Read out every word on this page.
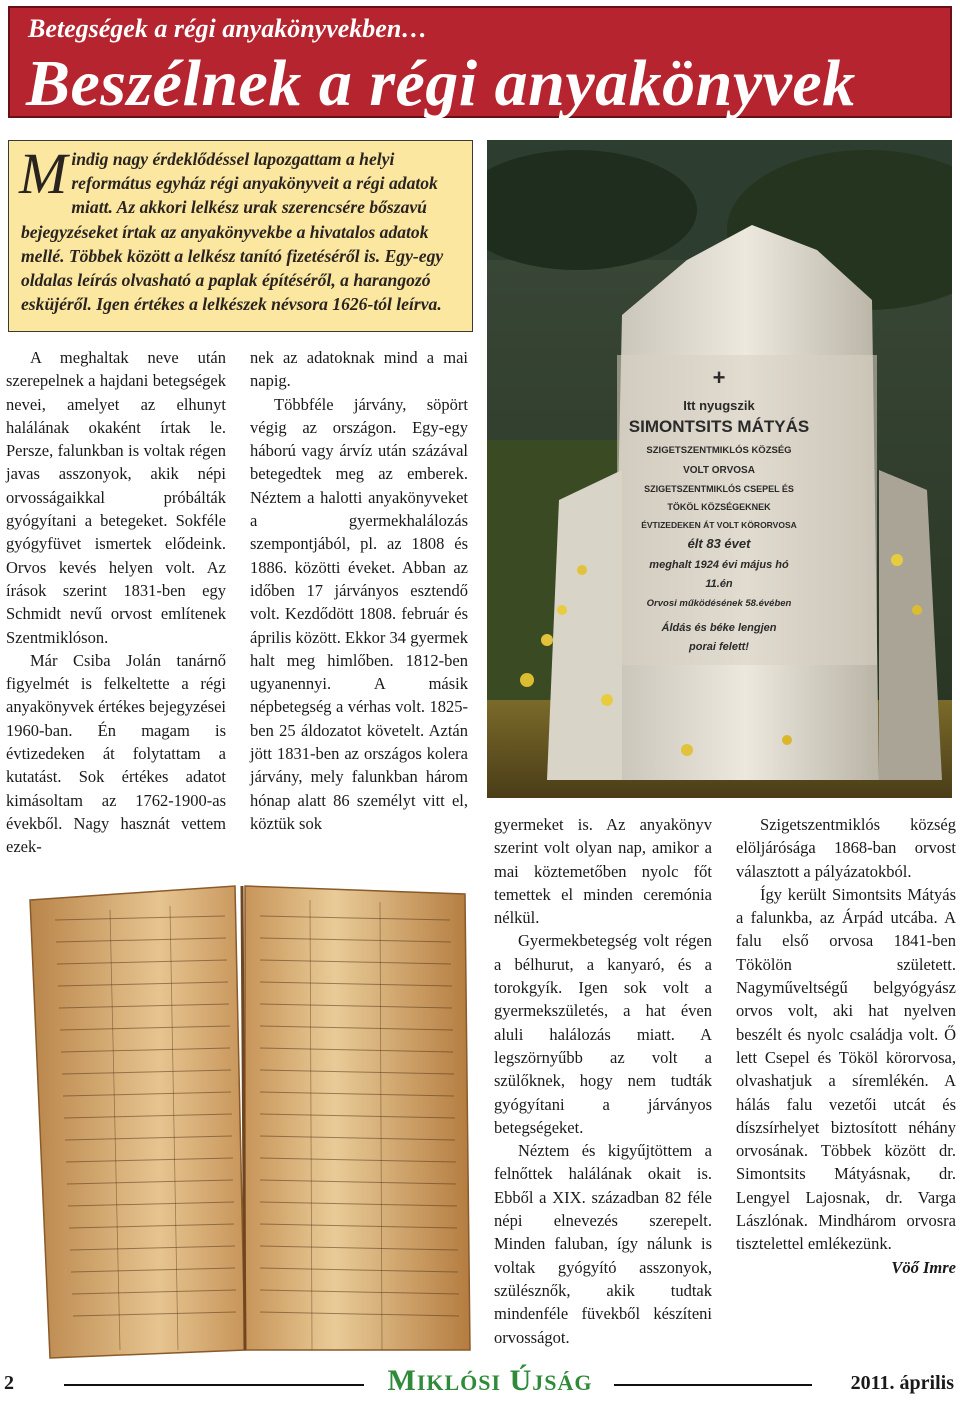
Betegségek a régi anyakönyvekben…
Beszélnek a régi anyakönyvek
Mindig nagy érdeklődéssel lapozgattam a helyi református egyház régi anyakönyveit a régi adatok miatt. Az akkori lelkész urak szerencsére bőszavú bejegyzéseket írtak az anyakönyvekbe a hivatalos adatok mellé. Többek között a lelkész tanító fizetéséről is. Egy-egy oldalas leírás olvasható a paplak építéséről, a harangozó esküjéről. Igen értékes a lelkészek névsora 1626-tól leírva.

A meghaltak neve után szerepelnek a hajdani betegségek nevei, amelyet az elhunyt halálának okaként írtak le. Persze, falunkban is voltak régen javas asszonyok, akik népi orvosságaikkal próbálták gyógyítani a betegeket. Sokféle gyógyfüvet ismertek elődeink. Orvos kevés helyen volt. Az írások szerint 1831-ben egy Schmidt nevű orvost említenek Szentmiklóson.

Már Csiba Jolán tanárnő figyelmét is felkeltette a régi anyakönyvek értékes bejegyzései 1960-ban. Én magam is évtizedeken át folytattam a kutatást. Sok értékes adatot kimásoltam az 1762-1900-as évekből. Nagy hasznát vettem ezek-

nek az adatoknak mind a mai napig.

Többféle járvány, söpört végig az országon. Egy-egy háború vagy árvíz után százával betegedtek meg az emberek. Néztem a halotti anyakönyveket a gyermekhalálozás szempontjából, pl. az 1808 és 1886. közötti éveket. Abban az időben 17 járványos esztendő volt. Kezdődött 1808. február és április között. Ekkor 34 gyermek halt meg himlőben. 1812-ben ugyanennyi. A másik népbetegség a vérhas volt. 1825-ben 25 áldozatot követelt. Aztán jött 1831-ben az országos kolera járvány, mely falunkban három hónap alatt 86 személyt vitt el, köztük sok	gyermeket is. Az anyakönyv szerint volt olyan nap, amikor a mai köztemetőben nyolc főt temettek el minden ceremónia nélkül.

Gyermekbetegség volt régen a bélhurut, a kanyaró, és a torokgyík. Igen sok volt a gyermekszületés, a hat éven aluli halálozás miatt. A legszörnyűbb az volt a szülőknek, hogy nem tudták gyógyítani a járványos betegségeket.

Néztem és kigyűjtöttem a felnőttek halálának okait is. Ebből a XIX. században 82 féle népi elnevezés szerepelt. Minden faluban, így nálunk is voltak gyógyító asszonyok, szülésznők, akik tudtak mindenféle füvekből készíteni orvosságot.

Szigetszentmiklós község elöljárósága 1868-ban orvost választott a pályázatokból.

Így került Simontsits Mátyás a falunkba, az Árpád utcába. A falu első orvosa 1841-ben Tökölön született. Nagyműveltségű belgyógyász orvos volt, aki hat nyelven beszélt és nyolc családja volt. Ő lett Csepel és Tököl körorvosa, olvashatjuk a síremlékén. A hálás falu vezetői utcát és díszsírhelyet biztosított néhány orvosának. Többek között dr. Simontsits Mátyásnak, dr. Lengyel Lajosnak, dr. Varga Lászlónak. Mindhárom orvosra tisztelettel emlékezünk.

Vöő Imre
+
Itt nyugszik
SIMONTSITS MÁTYÁS
SZIGETSZENTMIKLÓS KÖZSÉG
VOLT ORVOSA
SZIGETSZENTMIKLÓS CSEPEL ÉS
TÖKÖL KÖZSÉGEKNEK
ÉVTIZEDEKEN ÁT VOLT KÖRORVOSA
élt 83 évet
meghalt 1924 évi május hó
11.én
Orvosi működésének 58.évében
Áldás és béke lengjen
porai felett!
2	MIKLÓSI ÚJSÁG	2011. április
